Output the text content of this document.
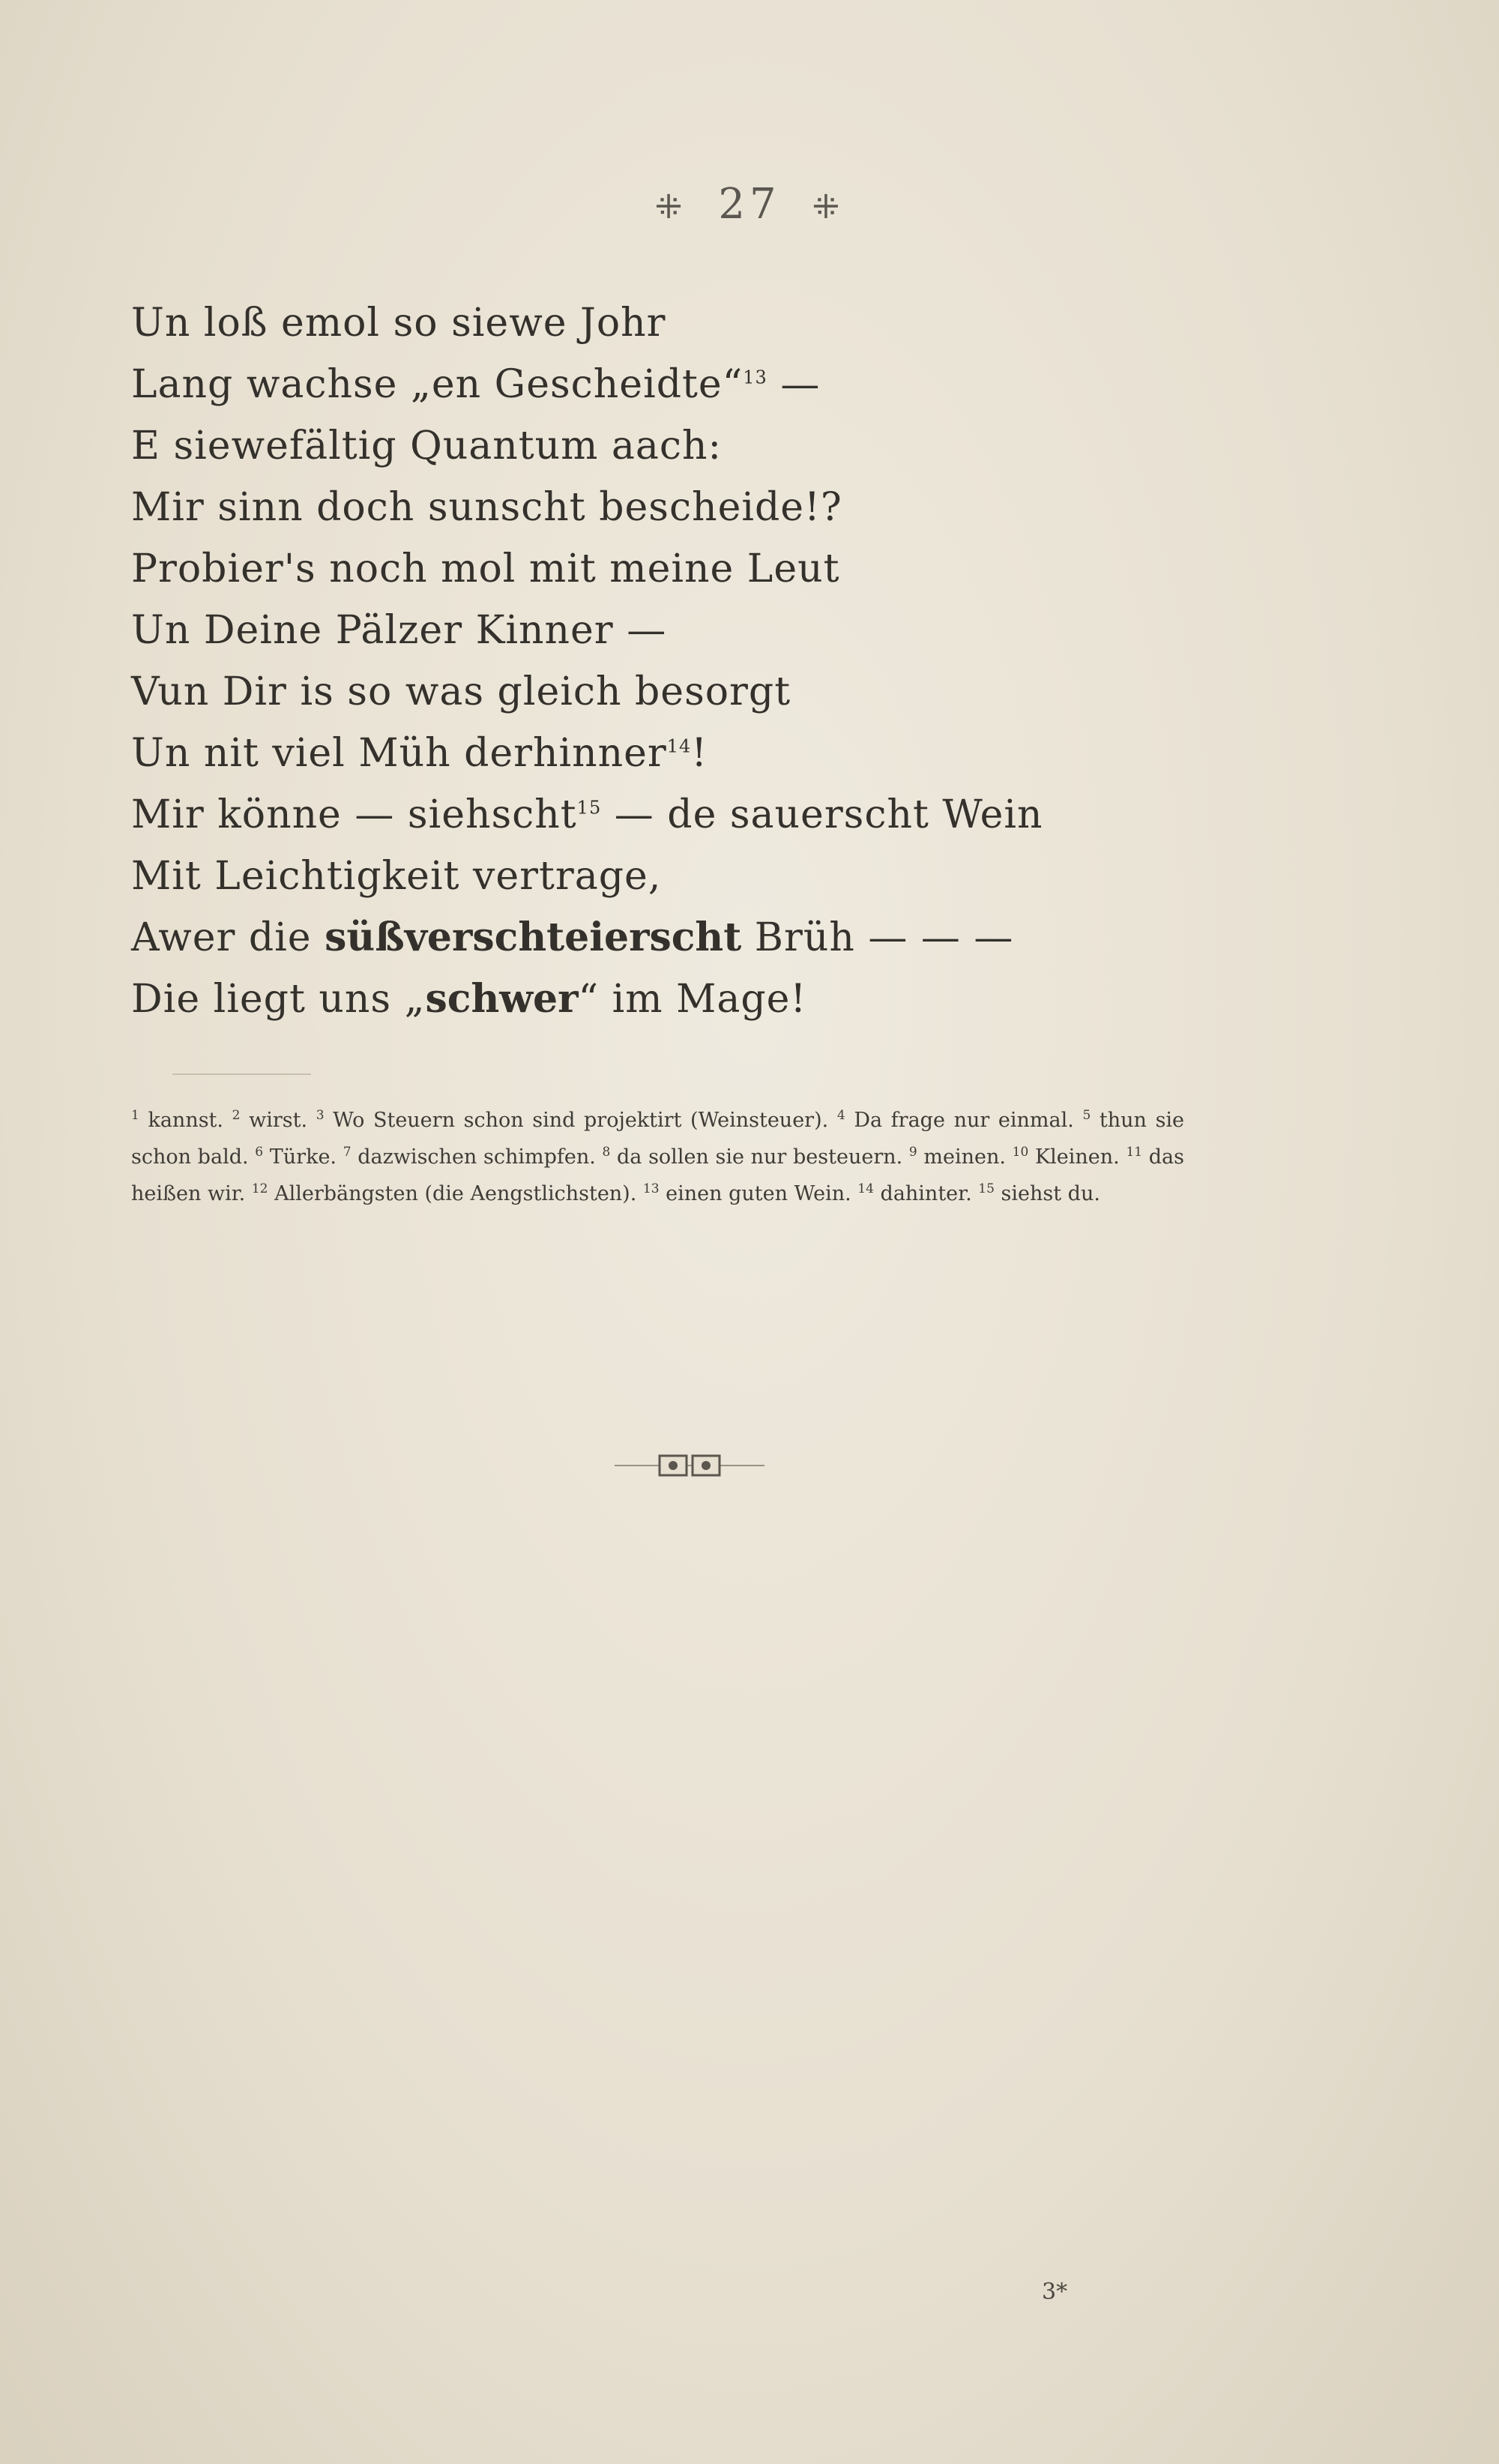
⁜ 27 ⁜
Un loß emol so siewe Johr
Lang wachse „en Gescheidte“$^{13}$ —
E siewefältig Quantum aach:
Mir sinn doch sunscht bescheide!?
Probier's noch mol mit meine Leut
Un Deine Pälzer Kinner —
Vun Dir is so was gleich besorgt
Un nit viel Müh derhinner$^{14}$!
Mir könne — siehscht$^{15}$ — de sauerscht Wein
Mit Leichtigkeit vertrage,
Awer die süßverschteierscht Brüh — — —
Die liegt uns „schwer“ im Mage!
$^1$ kannst. $^2$ wirst. $^3$ Wo Steuern schon sind projektirt (Weinsteuer). $^4$ Da frage nur einmal. $^5$ thun sie schon bald. $^6$ Türke. $^7$ dazwischen schimpfen. $^8$ da sollen sie nur besteuern. $^9$ meinen. $^{10}$ Kleinen. $^{11}$ das heißen wir. $^{12}$ Allerbängsten (die Aengstlichsten). $^{13}$ einen guten Wein. $^{14}$ dahinter. $^{15}$ siehst du.
3*
